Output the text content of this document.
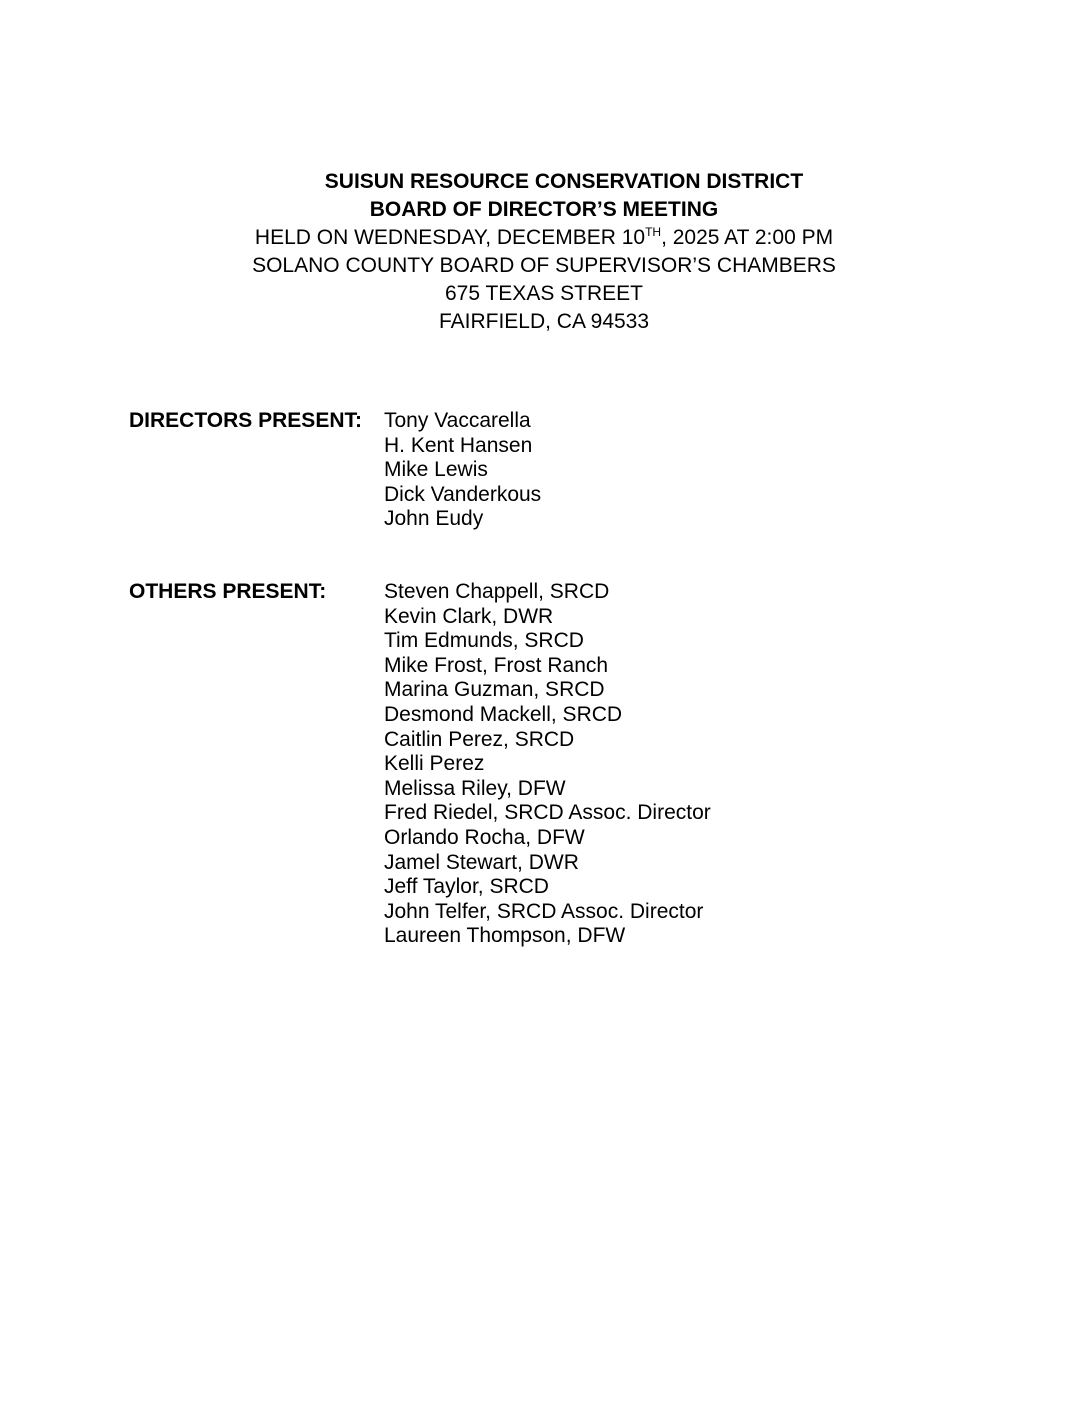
SUISUN RESOURCE CONSERVATION DISTRICT
BOARD OF DIRECTOR’S MEETING
HELD ON WEDNESDAY, DECEMBER 10TH, 2025 AT 2:00 PM
SOLANO COUNTY BOARD OF SUPERVISOR’S CHAMBERS
675 TEXAS STREET
FAIRFIELD, CA 94533
DIRECTORS PRESENT: Tony Vaccarella
H. Kent Hansen
Mike Lewis
Dick Vanderkous
John Eudy
OTHERS PRESENT:	Steven Chappell, SRCD
Kevin Clark, DWR
Tim Edmunds, SRCD
Mike Frost, Frost Ranch
Marina Guzman, SRCD
Desmond Mackell, SRCD
Caitlin Perez, SRCD
Kelli Perez
Melissa Riley, DFW
Fred Riedel, SRCD Assoc. Director
Orlando Rocha, DFW
Jamel Stewart, DWR
Jeff Taylor, SRCD
John Telfer, SRCD Assoc. Director
Laureen Thompson, DFW
